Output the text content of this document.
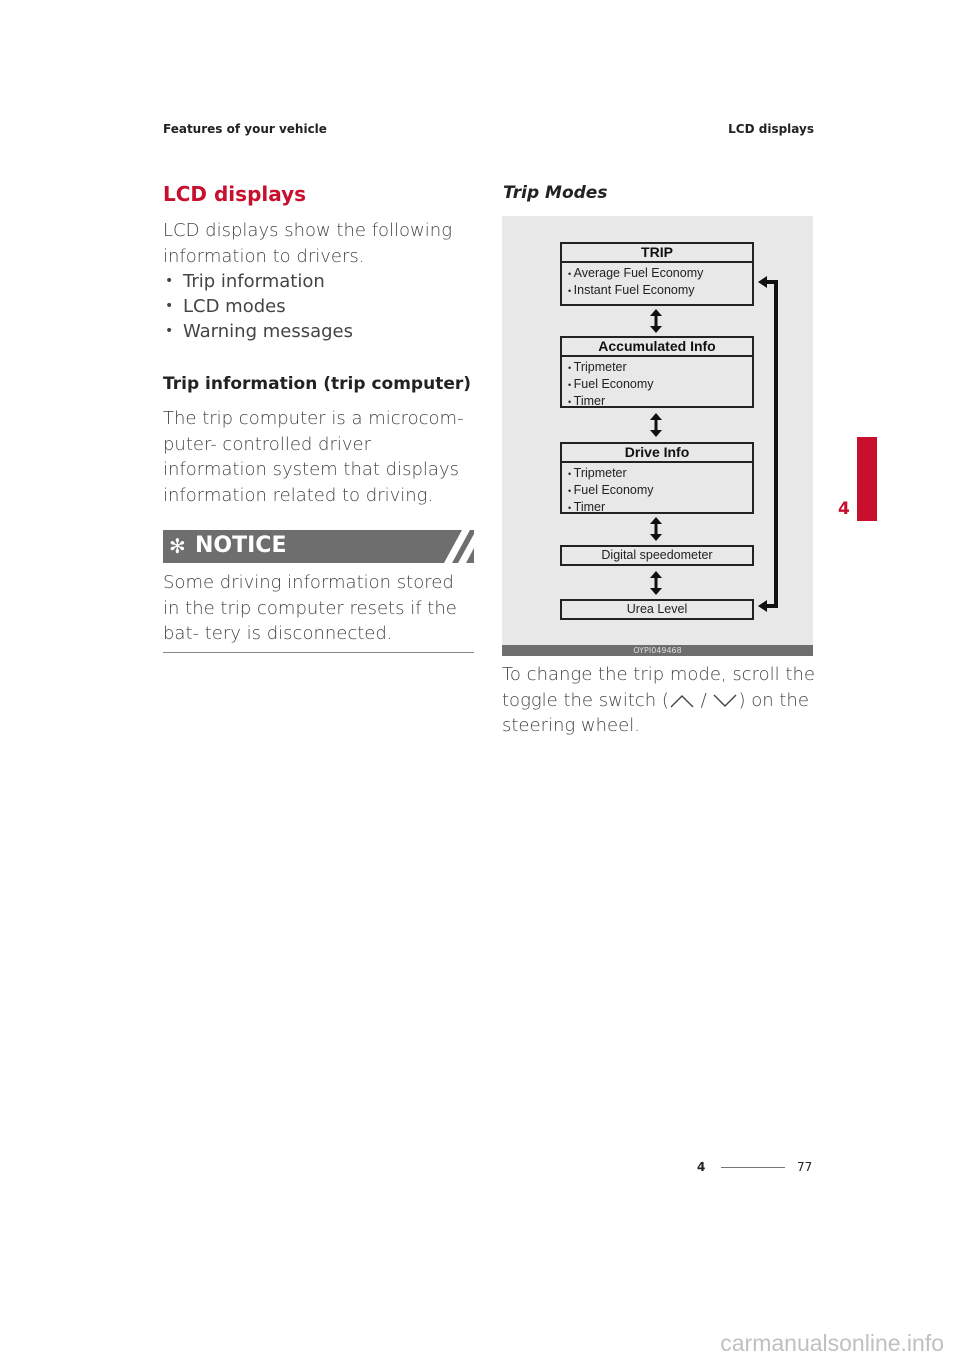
Features of your vehicle	LCD displays
LCD displays
LCD displays show the following information to drivers.
• Trip information
• LCD modes
• Warning messages
Trip information (trip computer)
The trip computer is a microcom- puter- controlled driver information system that displays information related to driving.
✻ NOTICE
Some driving information stored in the trip computer resets if the bat- tery is disconnected.
Trip Modes
TRIP
• Average Fuel Economy
• Instant Fuel Economy
Accumulated Info
• Tripmeter
• Fuel Economy
• Timer
Drive Info
• Tripmeter
• Fuel Economy
• Timer
Digital speedometer
Urea Level
OYPI049468
To change the trip mode, scroll the toggle the switch ( / ) on the steering wheel.
4
4	77
carmanualsonline.info
